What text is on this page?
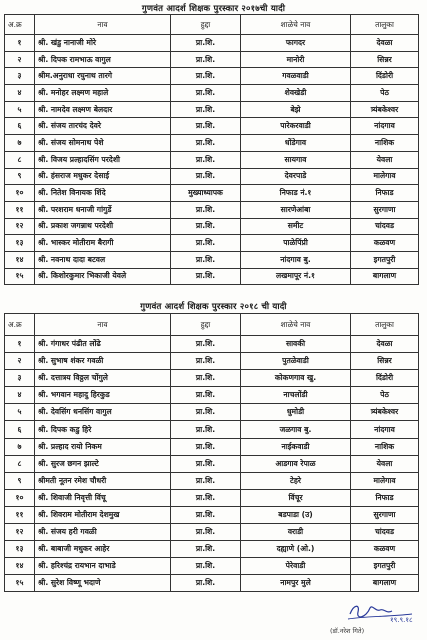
गुणवंत आदर्श शिक्षक पुरस्कार २०१७ची यादी
अ.क्र	नाव	हुद्दा	शाळेचे नाव	तालुका
१	श्री. खंडु नानाजी मोरे	प्रा.शि.	फागदर	देवळा
२	श्री. दिपक रामभाऊ वागुल	प्रा.शि.	मानोरी	सिन्नर
३	श्रीम.अनुराधा रघुनाथ तारगे	प्रा.शि.	गवळवाडी	दिंडोरी
४	श्री. मनोहर लक्ष्मण महाले	प्रा.शि.	शेवखेडी	पेठ
५	श्री. नामदेव लक्ष्मण बेलदार	प्रा.शि.	बेझे	त्र्यंबकेश्वर
६	श्री. संजय तारचंद देवरे	प्रा.शि.	पारेकरवाडी	नांदगाव
७	श्री. संजय सोमनाथ पेशे	प्रा.शि.	धोंडेगाव	नाशिक
८	श्री. विजय प्रल्हादसिंग परदेशी	प्रा.शि.	सायगाव	येवला
९	श्री. हंसराज मधुकर देसाई	प्रा.शि.	देवरपाडे	मालेगाव
१०	श्री. नितेश विनायक शिंदे	मुख्याध्यापक	निफाड नं.१	निफाड
११	श्री. परशराम धनाजी गांगुर्डे	प्रा.शि.	सारणेआंबा	सुरगाणा
१२	श्री. प्रकाश जगन्नाथ परदेशी	प्रा.शि.	समीट	चांदवड
१३	श्री. भास्कर मोतीराम बैरागी	प्रा.शि.	पाळेपिंप्री	कळवण
१४	श्री. नवनाथ दादा बटवल	प्रा.शि.	नांदगाव बु.	इगतपुरी
१५	श्री. किशोरकुमार भिकाजी येवले	प्रा.शि.	लखमापूर नं.१	बागलाण
गुणवंत आदर्श शिक्षक पुरस्कार २०१८ ची यादी
अ.क्र	नाव	हुद्दा	शाळेचे नाव	तालुका
१	श्री. गंगाधर पंढीत लोंढे	प्रा.शि.	सावकी	देवळा
२	श्री. सुभाष शंकर गवळी	प्रा.शि.	पुतळेवाडी	सिन्नर
३	श्री. दत्तात्रय विठ्ठल चोंगुले	प्रा.शि.	कोकणगाव खु.	दिंडोरी
४	श्री. भगवान महादु हिरकुड	प्रा.शि.	नाचलोंडी	पेठ
५	श्री. देवसिंग धनसिंग वागुल	प्रा.शि.	धुमोडी	त्र्यंबकेश्वर
६	श्री. दिपक कडु हिरे	प्रा.शि.	जळगाव बु.	नांदगाव
७	श्री. प्रल्हाद रायो निकम	प्रा.शि.	नाईकवाडी	नाशिक
८	श्री. सुरज छगन झाल्टे	प्रा.शि.	आडगाव रेपाळ	येवला
९	श्रीमती नूतन रमेश चौधरी	प्रा.शि.	टेहरे	मालेगाव
१०	श्री. शिवाजी निवृत्ती विंचू	प्रा.शि.	विंचूर	निफाड
११	श्री. शिवराम मोतीराम देशमुख	प्रा.शि.	बडपाडा (उ)	सुरगाणा
१२	श्री. संजय हरी गवळी	प्रा.शि.	वराडी	चांदवड
१३	श्री. बाबाजी मधुकर आहेर	प्रा.शि.	दह्याणे (ओ.)	कळवण
१४	श्री. हरिश्चंद्र रायभान दाभाडे	प्रा.शि.	पेरेवाडी	इगतपुरी
१५	श्री. सुरेश विष्णू भदाणे	प्रा.शि.	नामपुर मुले	बागलाण
१९.९.१८
(डॉ.नरेश गिते)
